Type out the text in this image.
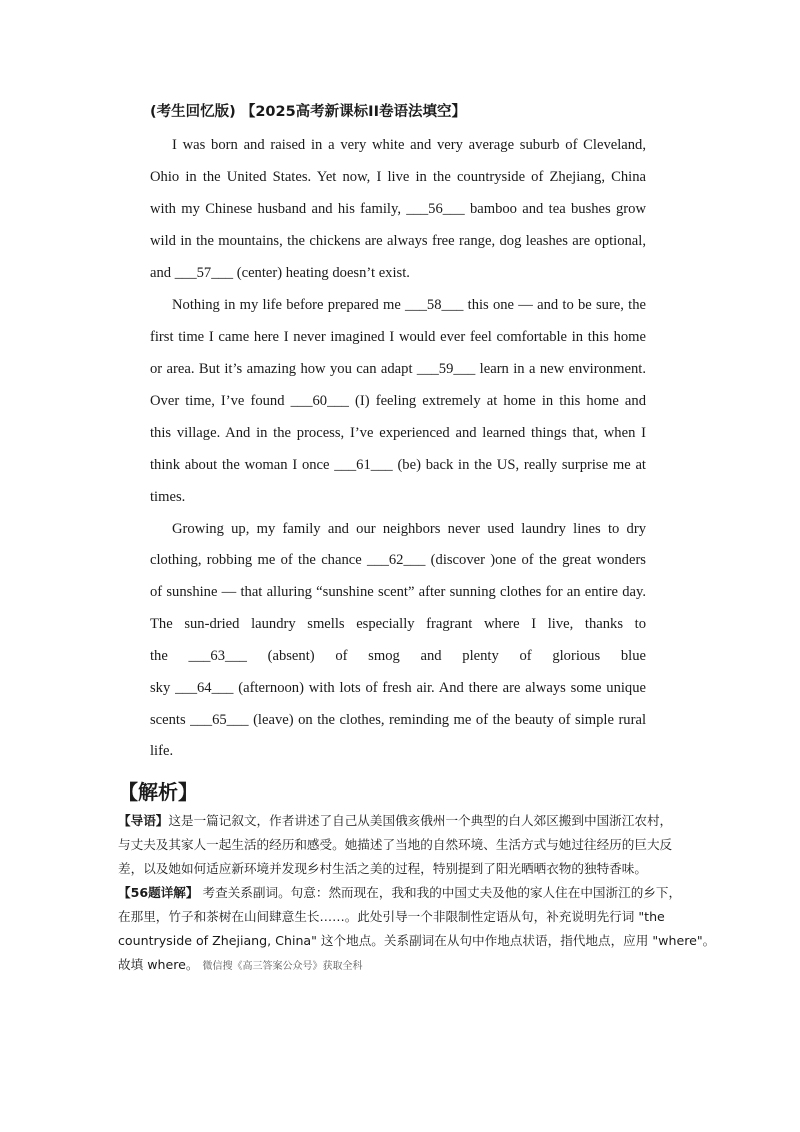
(考生回忆版) 【2025高考新课标II卷语法填空】
I was born and raised in a very white and very average suburb of Cleveland,
Ohio in the United States. Yet now, I live in the countryside of Zhejiang, China
with my Chinese husband and his family, ___56___ bamboo and tea bushes grow
wild in the mountains, the chickens are always free range, dog leashes are optional,
and ___57___ (center) heating doesn’t exist.
Nothing in my life before prepared me ___58___ this one — and to be sure, the
first time I came here I never imagined I would ever feel comfortable in this home
or area. But it’s amazing how you can adapt ___59___ learn in a new environment.
Over time, I’ve found ___60___ (I) feeling extremely at home in this home and
this village. And in the process, I’ve experienced and learned things that, when I
think about the woman I once ___61___ (be) back in the US, really surprise me at
times.
Growing up, my family and our neighbors never used laundry lines to dry
clothing, robbing me of the chance ___62___ (discover )one of the great wonders
of sunshine — that alluring “sunshine scent” after sunning clothes for an entire day.
The sun-dried laundry smells especially fragrant where I live, thanks to
the ___63___ (absent) of smog and plenty of glorious blue
sky ___64___ (afternoon) with lots of fresh air. And there are always some unique
scents ___65___ (leave) on the clothes, reminding me of the beauty of simple rural
life.
【解析】
【导语】这是一篇记叙文，作者讲述了自己从美国俄亥俄州一个典型的白人郊区搬到中国浙江农村，
与丈夫及其家人一起生活的经历和感受。她描述了当地的自然环境、生活方式与她过往经历的巨大反
差，以及她如何适应新环境并发现乡村生活之美的过程，特别提到了阳光晒晒衣物的独特香味。
【56题详解】 考查关系副词。句意：然而现在，我和我的中国丈夫及他的家人住在中国浙江的乡下，
在那里，竹子和茶树在山间肆意生长……。此处引导一个非限制性定语从句，补充说明先行词 "the
countryside of Zhejiang, China" 这个地点。关系副词在从句中作地点状语，指代地点，应用 "where"。
故填 where。 微信搜《高三答案公众号》获取全科
